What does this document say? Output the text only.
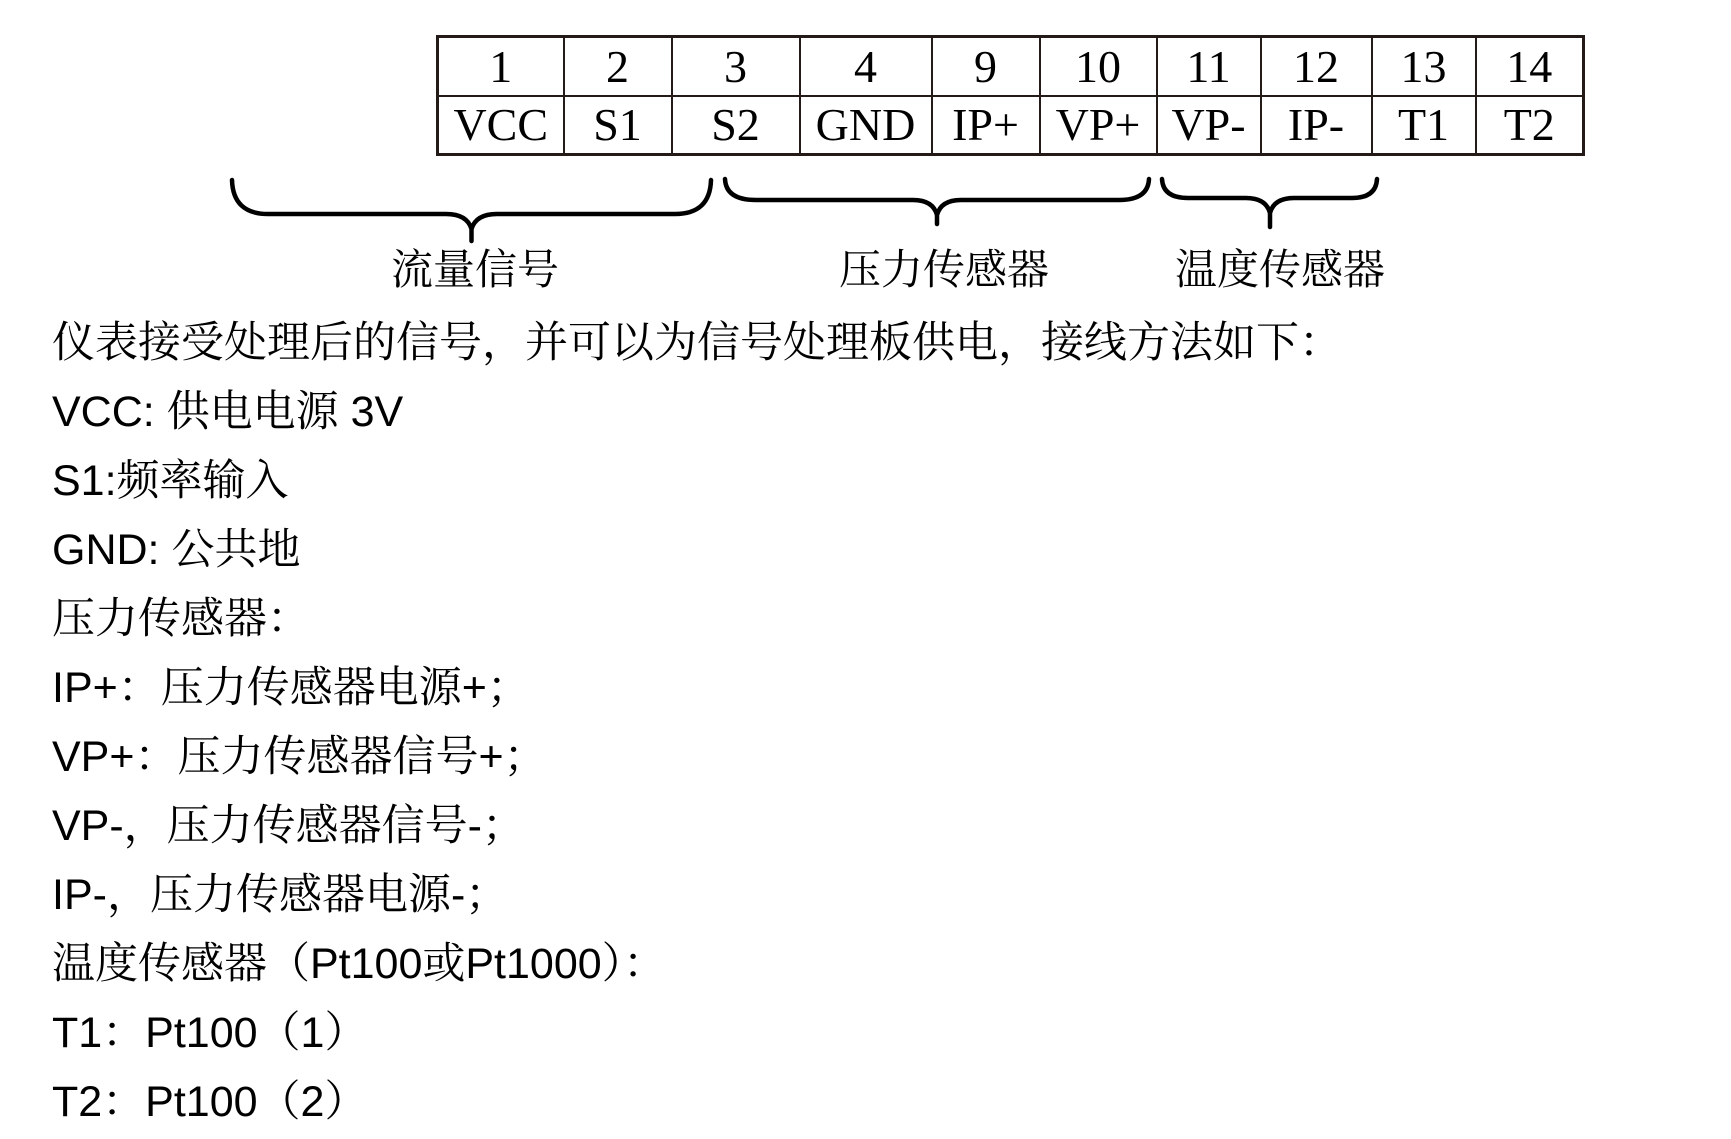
1	2	3	4	9	10	11	12	13	14
VCC	S1	S2	GND	IP+	VP+	VP-	IP-	T1	T2
流量信号	压力传感器	温度传感器
仪表接受处理后的信号，并可以为信号处理板供电，接线方法如下：
VCC: 供电电源 3V
S1:频率输入
GND: 公共地
压力传感器：
IP+：压力传感器电源+；
VP+：压力传感器信号+；
VP-，压力传感器信号-；
IP-，压力传感器电源-；
温度传感器（Pt100或Pt1000）：
T1：Pt100（1）
T2：Pt100（2）
